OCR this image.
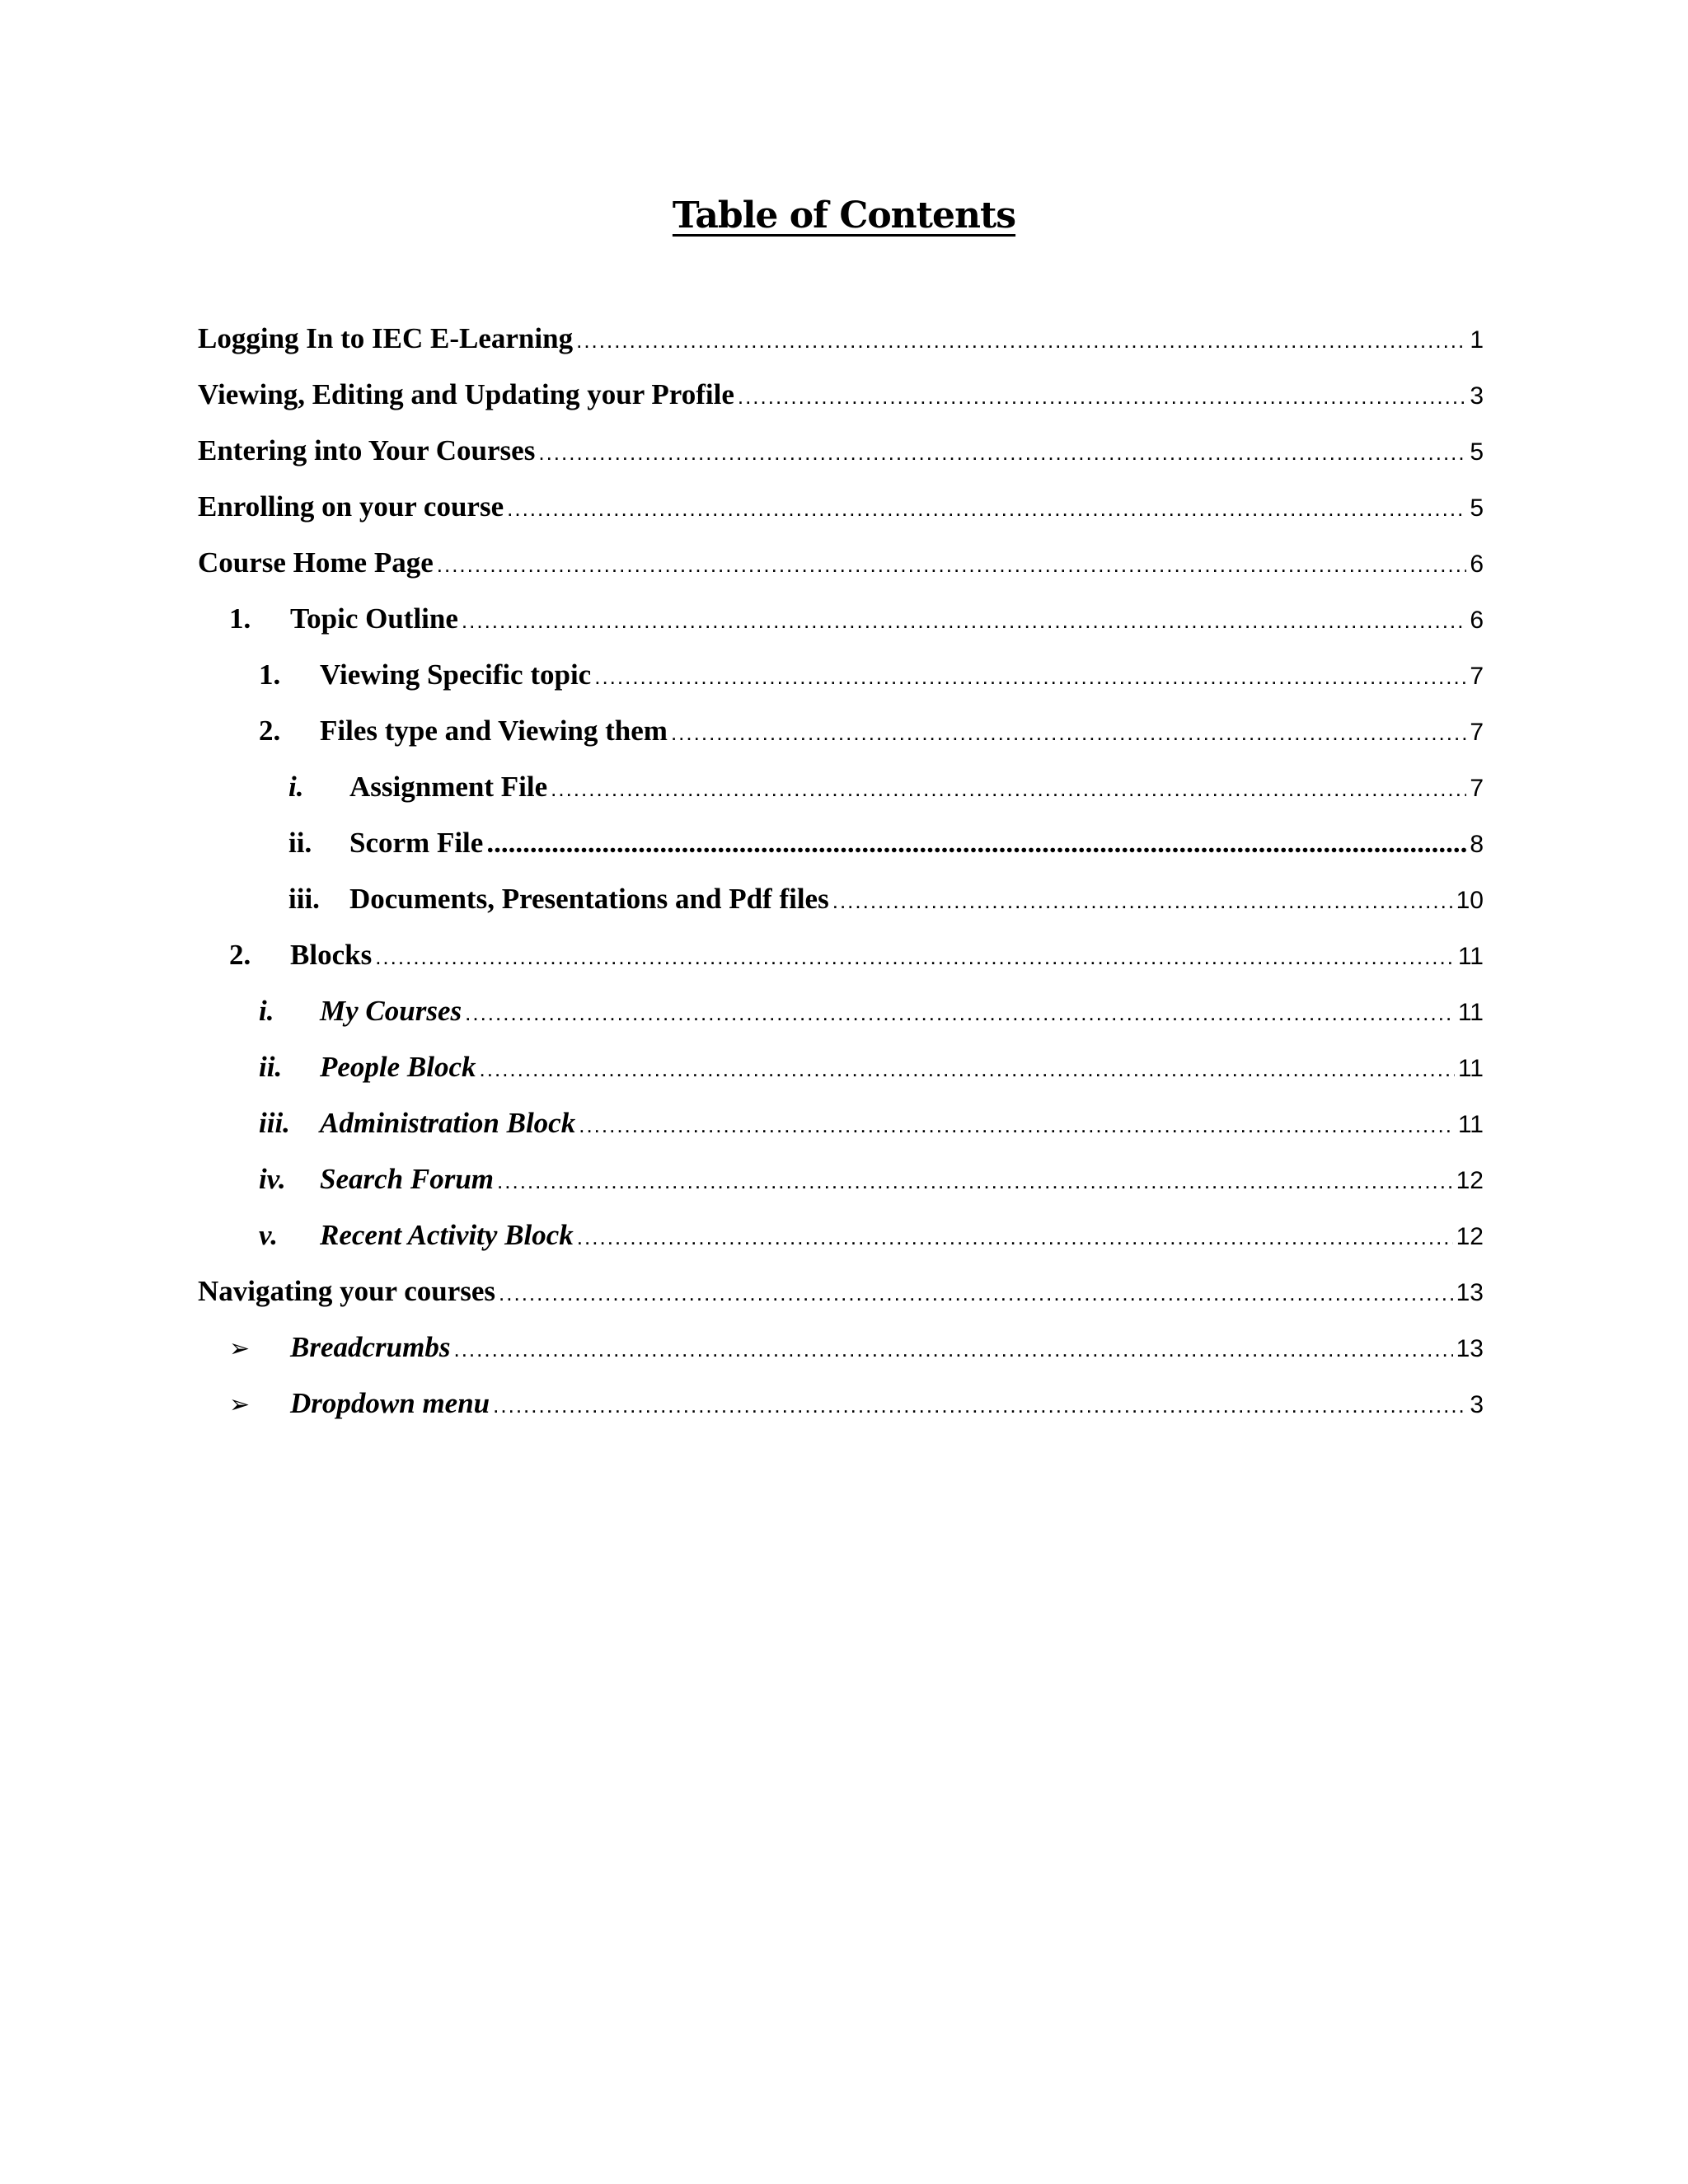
Table of Contents
Logging In to IEC E-Learning .....	1
Viewing, Editing and Updating your Profile .....	3
Entering into Your Courses .....	5
Enrolling on your course .....	5
Course Home Page .....	6
1.	Topic Outline .....	6
1.	Viewing Specific topic .....	7
2.	Files type and Viewing them .....	7
i.	Assignment File .....	7
ii.	Scorm File .....	8
iii.	Documents, Presentations and Pdf files .....	10
2.	Blocks .....	11
i.	My Courses .....	11
ii.	People Block .....	11
iii.	Administration Block .....	11
iv.	Search Forum .....	12
v.	Recent Activity Block .....	12
Navigating your courses .....	13
➢	Breadcrumbs .....	13
➢	Dropdown menu .....	3
